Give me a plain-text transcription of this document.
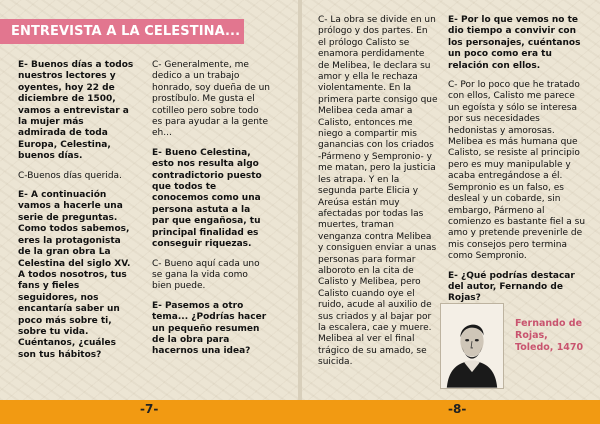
ENTREVISTA A LA CELESTINA...

E- Buenos días a todos nuestros lectores y oyentes, hoy 22 de diciembre de 1500, vamos a entrevistar a la mujer más admirada de toda Europa, Celestina, buenos días.

C-Buenos días querida.

E- A continuación vamos a hacerle una serie de preguntas. Como todos sabemos, eres la protagonista de la gran obra La Celestina del siglo XV. A todos nosotros, tus fans y fieles seguidores, nos encantaría saber un poco más sobre ti, sobre tu vida. Cuéntanos, ¿cuáles son tus hábitos?

C- Generalmente, me dedico a un trabajo honrado, soy dueña de un prostíbulo. Me gusta el cotilleo pero sobre todo es para ayudar a la gente eh...

E- Bueno Celestina, esto nos resulta algo contradictorio puesto que todos te conocemos como una persona astuta a la par que engañosa, tu principal finalidad es conseguir riquezas.

C- Bueno aquí cada uno se gana la vida como bien puede.

E- Pasemos a otro tema... ¿Podrías hacer un pequeño resumen de la obra para hacernos una idea?

C- La obra se divide en un prólogo y dos partes. En el prólogo Calisto se enamora perdidamente de Melibea, le declara su amor y ella le rechaza violentamente. En la primera parte consigo que Melibea ceda amar a Calisto, entonces me niego a compartir mis ganancias con los criados -Pármeno y Sempronio- y me matan, pero la justicia les atrapa. Y en la segunda parte Elicia y Areúsa están muy afectadas por todas las muertes, traman venganza contra Melibea y consiguen enviar a unas personas para formar alboroto en la cita de Calisto y Melibea, pero Calisto cuando oye el ruido, acude al auxilio de sus criados y al bajar por la escalera, cae y muere. Melibea al ver el final trágico de su amado, se suicida.

E- Por lo que vemos no te dio tiempo a convivir con los personajes, cuéntanos un poco como era tu relación con ellos.

C- Por lo poco que he tratado con ellos, Calisto me parece un egoísta y sólo se interesa por sus necesidades hedonistas y amorosas. Melibea es más humana que Calisto, se resiste al principio pero es muy manipulable y acaba entregándose a él. Sempronio es un falso, es desleal y un cobarde, sin embargo, Pármeno al comienzo es bastante fiel a su amo y pretende prevenirle de mis consejos pero termina como Sempronio.

E- ¿Qué podrías destacar del autor, Fernando de Rojas?

Fernando de Rojas, Toledo, 1470
-7-	-8-
